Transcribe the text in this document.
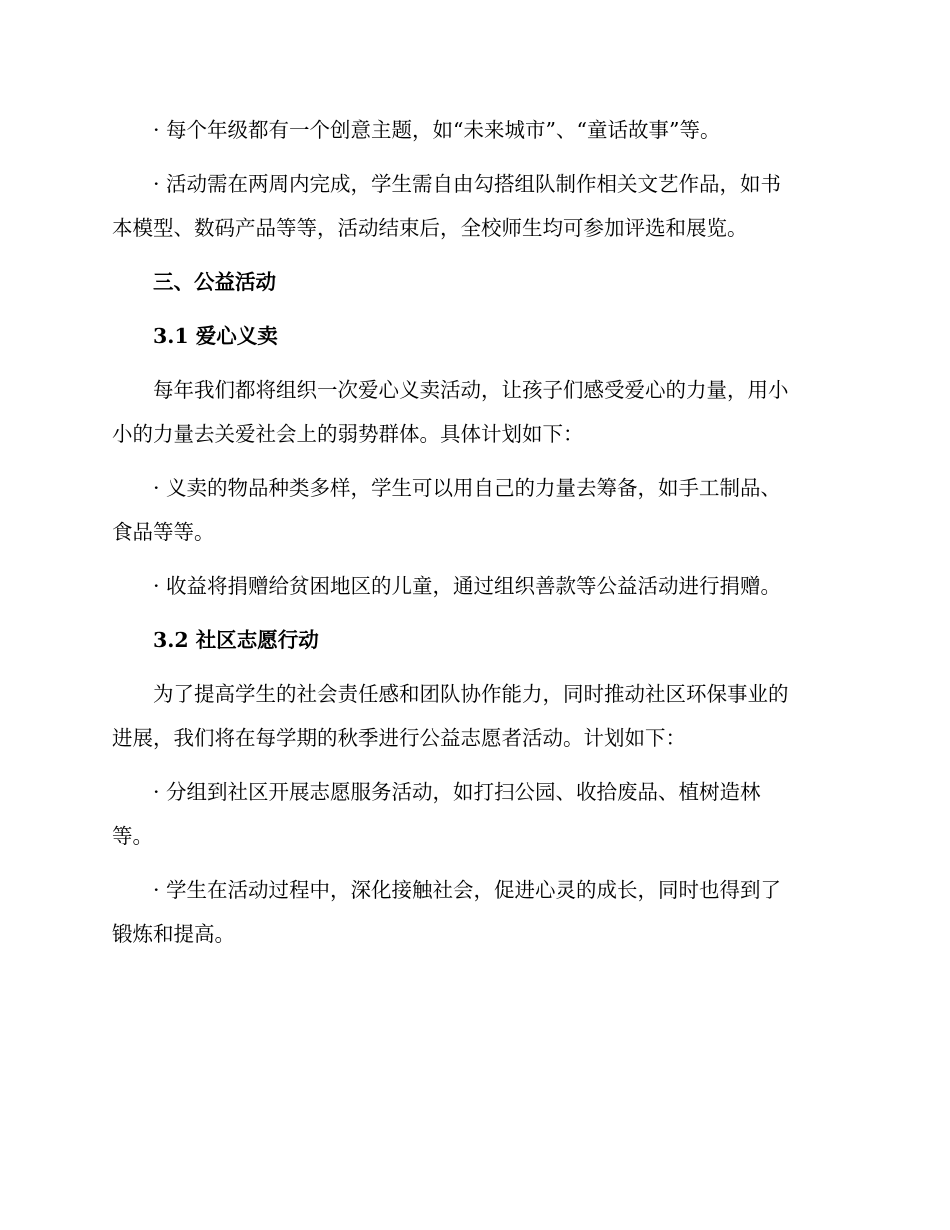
· 每个年级都有一个创意主题，如“未来城市”、“童话故事”等。

· 活动需在两周内完成，学生需自由勾搭组队制作相关文艺作品，如书
本模型、数码产品等等，活动结束后，全校师生均可参加评选和展览。

三、公益活动

3.1 爱心义卖

每年我们都将组织一次爱心义卖活动，让孩子们感受爱心的力量，用小
小的力量去关爱社会上的弱势群体。具体计划如下：

· 义卖的物品种类多样，学生可以用自己的力量去筹备，如手工制品、
食品等等。

· 收益将捐赠给贫困地区的儿童，通过组织善款等公益活动进行捐赠。

3.2 社区志愿行动

为了提高学生的社会责任感和团队协作能力，同时推动社区环保事业的
进展，我们将在每学期的秋季进行公益志愿者活动。计划如下：

· 分组到社区开展志愿服务活动，如打扫公园、收拾废品、植树造林
等。

· 学生在活动过程中，深化接触社会，促进心灵的成长，同时也得到了
锻炼和提高。
